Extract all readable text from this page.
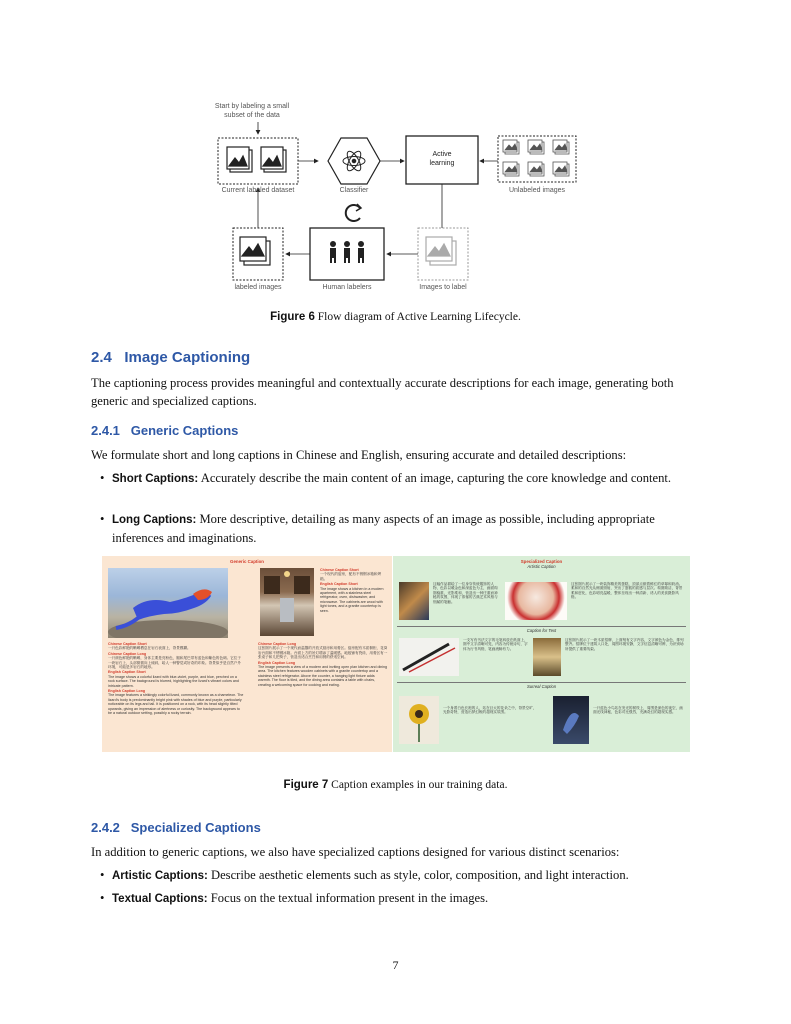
Start by labeling a small subset of the data
Current labeled dataset	Classifier
Active learning
Unlabeled images
labeled images	Human labelers	Images to label
Figure 6 Flow diagram of Active Learning Lifecycle.
2.4 Image Captioning
The captioning process provides meaningful and contextually accurate descriptions for each image, generating both generic and specialized captions.
2.4.1 Generic Captions
We formulate short and long captions in Chinese and English, ensuring accurate and detailed descriptions:
• Short Captions: Accurately describe the main content of an image, capturing the core knowledge and content.
• Long Captions: More descriptive, detailing as many aspects of an image as possible, including appropriate inferences and imaginations.
Generic Caption
Chinese Caption Short
一个现代的厨房，配有不锈钢冰箱和烤箱。
English Caption Short
The image shows a kitchen in a modern apartment, with a stainless steel refrigerator, oven, dishwasher, and microwave. The cabinets are wood with light tones, and a granite countertop is seen.
Chinese Caption Short
一只色彩鲜艳的蜥蜴栖息在岩石表面上，背景模糊。
Chinese Caption Long
一只颜色鲜艳的蜥蜴，身体主要是亮粉色，腿和尾巴带有蓝色和紫色的色调。它位于一块岩石上，头部微微向上倾斜，给人一种警觉或好奇的印象。背景似乎是自然户外环境，可能是多岩石的地形。
English Caption Short
The image shows a colorful lizard with blue-violet, purple, and blue, perched on a rock surface. The background is blurred, highlighting the lizard's vibrant colors and intricate pattern.
English Caption Long
The image features a strikingly colorful lizard, commonly known as a chameleon. The lizard's body is predominantly bright pink with shades of blue and purple, particularly noticeable on its legs and tail. It is positioned on a rock, with its head slightly tilted upwards, giving an impression of alertness or curiosity. The background appears to be a natural outdoor setting, possibly a rocky terrain.
Chinese Caption Long
这张图片展示了一个现代而温馨的开放式厨房和用餐区。厨房配有木质橱柜、花岗岩台面和不锈钢冰箱。台面上方的吊灯增添了温暖感。地板铺有瓷砖，用餐区有一张桌子和几把椅子，营造出适合烹饪和用餐的舒适空间。
English Caption Long
The image presents a view of a modern and inviting open plan kitchen and dining area. The kitchen features wooden cabinets with a granite countertop and a stainless steel refrigerator. Above the counter, a hanging light fixture adds warmth. The floor is tiled, and the dining area contains a table with chairs, creating a welcoming space for cooking and eating.
Specialized Caption
Artistic Caption
这幅作品描绘了一位身穿传统服饰的人物，色彩以暖金色和深蓝色为主，画面构图稳重，光影柔和，营造出一种庄重而神秘的氛围，体现了浓郁的古典艺术风格与细腻的笔触。
这张图片展示了一块装饰精美的蛋糕，顶部点缀着鲜红的草莓和奶油。柔和的自然光从侧面照射，突出了蛋糕的质感与层次。构图简洁，背景柔和虚化，色彩明亮温暖，整体呈现出一种清新、诱人的美食摄影风格。
Caption for Text
一支写有书法文字的毛笔斜放在纸面上，图中文字清晰可见，内容为传统诗句，字体为行书风格，笔画流畅有力。
这张图片展示了一块木质招牌，上面刻有文字内容，文字颜色为金色，排列整齐。招牌位于建筑入口处，周围环境安静，文字信息清晰可辨，为识别场所提供了重要线索。
Surreal Caption
一个身着白色长袍的人，站在巨大的花朵之中，背景空旷，光影奇特，营造出梦幻般的超现实氛围。
一只蓝色小鸟站在发光的树枝上，周围是深色的夜空，画面光线神秘，色彩对比强烈，充满奇幻的超现实感。
Figure 7 Caption examples in our training data.
2.4.2 Specialized Captions
In addition to generic captions, we also have specialized captions designed for various distinct scenarios:
• Artistic Captions: Describe aesthetic elements such as style, color, composition, and light interaction.
• Textual Captions: Focus on the textual information present in the images.
7
